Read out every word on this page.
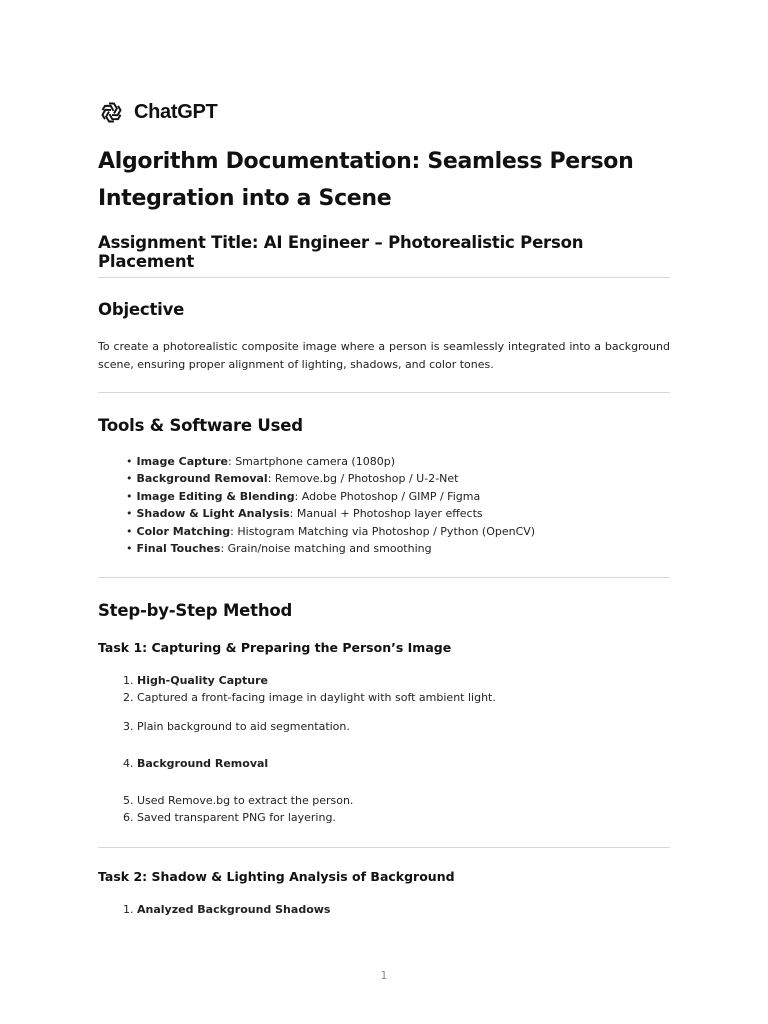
ChatGPT
Algorithm Documentation: Seamless Person Integration into a Scene
Assignment Title: AI Engineer – Photorealistic Person Placement
Objective

To create a photorealistic composite image where a person is seamlessly integrated into a background scene, ensuring proper alignment of lighting, shadows, and color tones.

Tools & Software Used
• Image Capture: Smartphone camera (1080p)
• Background Removal: Remove.bg / Photoshop / U-2-Net
• Image Editing & Blending: Adobe Photoshop / GIMP / Figma
• Shadow & Light Analysis: Manual + Photoshop layer effects
• Color Matching: Histogram Matching via Photoshop / Python (OpenCV)
• Final Touches: Grain/noise matching and smoothing
Step-by-Step Method
Task 1: Capturing & Preparing the Person’s Image

1. High-Quality Capture

2. Captured a front-facing image in daylight with soft ambient light.

3. Plain background to aid segmentation.

4. Background Removal

5. Used Remove.bg to extract the person.

6. Saved transparent PNG for layering.

Task 2: Shadow & Lighting Analysis of Background

1. Analyzed Background Shadows

1
